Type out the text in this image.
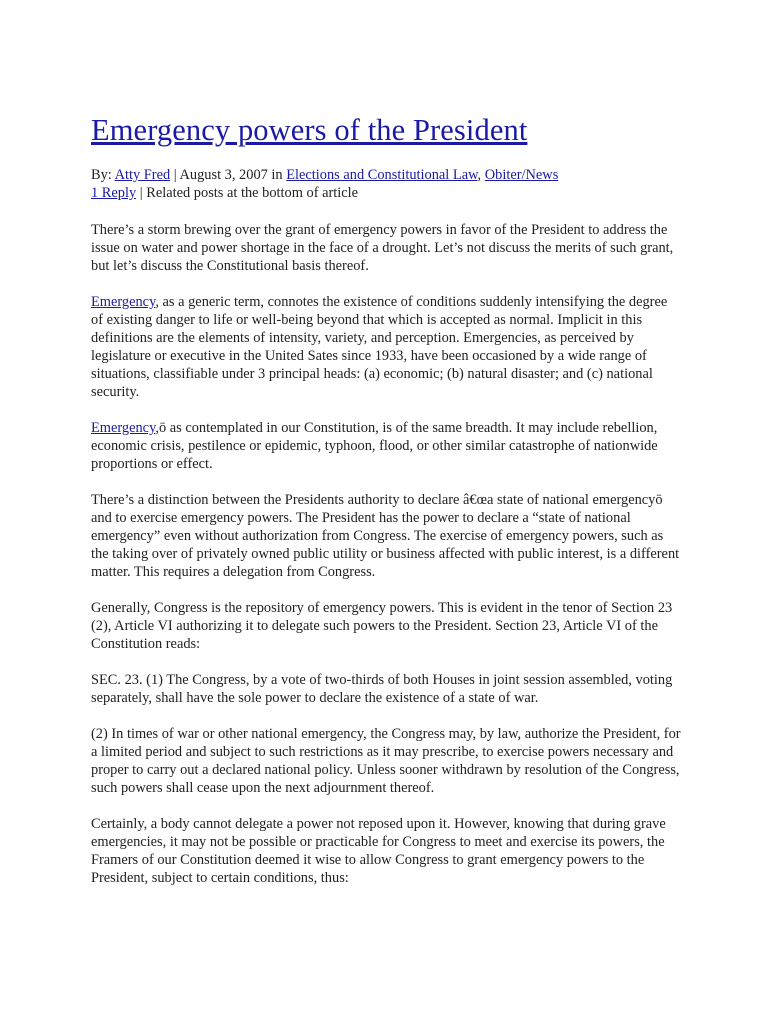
Emergency powers of the President
By: Atty Fred | August 3, 2007 in Elections and Constitutional Law, Obiter/News
1 Reply | Related posts at the bottom of article

There’s a storm brewing over the grant of emergency powers in favor of the President to address the issue on water and power shortage in the face of a drought. Let’s not discuss the merits of such grant, but let’s discuss the Constitutional basis thereof.

Emergency, as a generic term, connotes the existence of conditions suddenly intensifying the degree of existing danger to life or well-being beyond that which is accepted as normal. Implicit in this definitions are the elements of intensity, variety, and perception. Emergencies, as perceived by legislature or executive in the United Sates since 1933, have been occasioned by a wide range of situations, classifiable under 3 principal heads: (a) economic; (b) natural disaster; and (c) national security.

Emergency,ō as contemplated in our Constitution, is of the same breadth. It may include rebellion, economic crisis, pestilence or epidemic, typhoon, flood, or other similar catastrophe of nationwide proportions or effect.

There’s a distinction between the Presidents authority to declare â€œa state of national emergencyō and to exercise emergency powers. The President has the power to declare a “state of national emergency” even without authorization from Congress. The exercise of emergency powers, such as the taking over of privately owned public utility or business affected with public interest, is a different matter. This requires a delegation from Congress.

Generally, Congress is the repository of emergency powers. This is evident in the tenor of Section 23 (2), Article VI authorizing it to delegate such powers to the President. Section 23, Article VI of the Constitution reads:

SEC. 23. (1) The Congress, by a vote of two-thirds of both Houses in joint session assembled, voting separately, shall have the sole power to declare the existence of a state of war.

(2) In times of war or other national emergency, the Congress may, by law, authorize the President, for a limited period and subject to such restrictions as it may prescribe, to exercise powers necessary and proper to carry out a declared national policy. Unless sooner withdrawn by resolution of the Congress, such powers shall cease upon the next adjournment thereof.

Certainly, a body cannot delegate a power not reposed upon it. However, knowing that during grave emergencies, it may not be possible or practicable for Congress to meet and exercise its powers, the Framers of our Constitution deemed it wise to allow Congress to grant emergency powers to the President, subject to certain conditions, thus:
